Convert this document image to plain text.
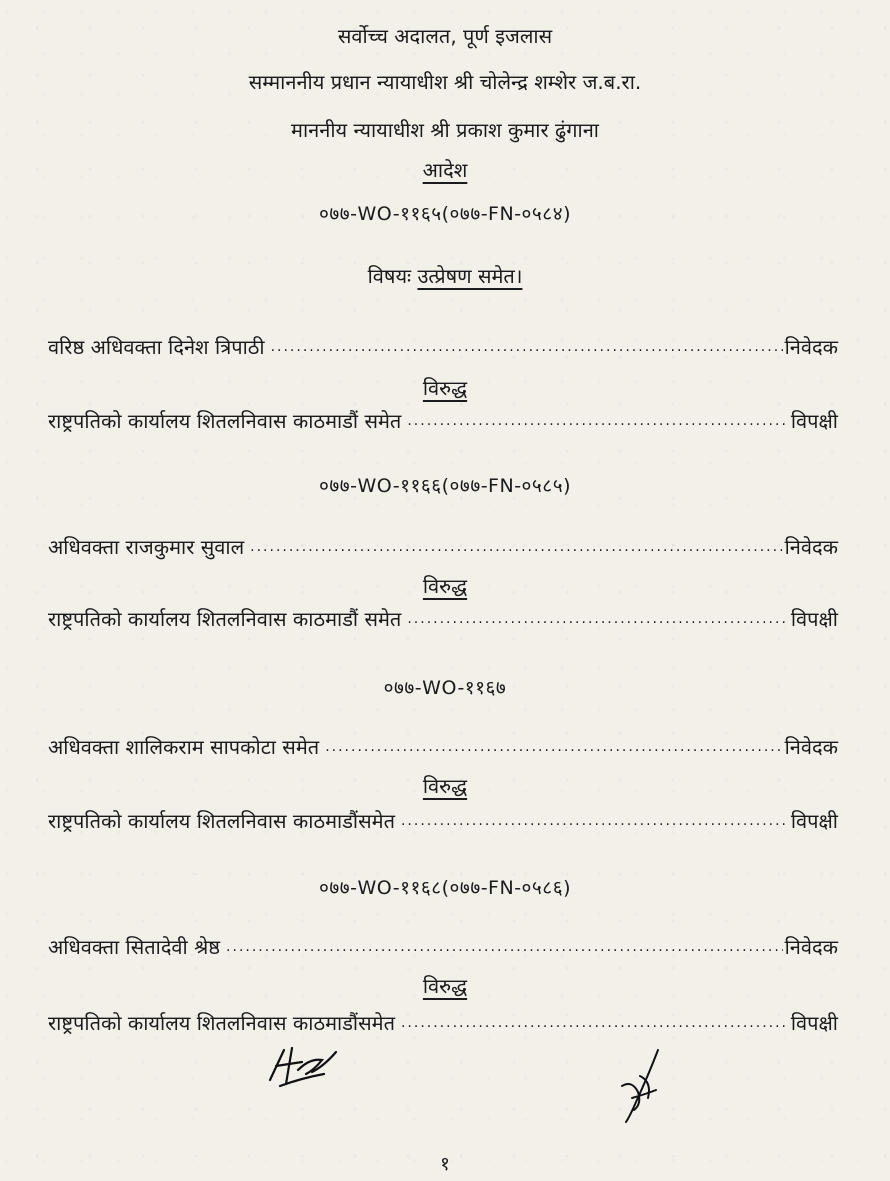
सर्वोच्च अदालत, पूर्ण इजलास
सम्माननीय प्रधान न्यायाधीश श्री चोलेन्द्र शम्शेर ज.ब.रा.
माननीय न्यायाधीश श्री प्रकाश कुमार ढुंगाना
आदेश
०७७-WO-११६५(०७७-FN-०५८४)
विषयः उत्प्रेषण समेत।
वरिष्ठ अधिवक्ता दिनेश त्रिपाठी .....	निवेदक
विरुद्ध
राष्ट्रपतिको कार्यालय शितलनिवास काठमाडौं समेत .....	विपक्षी
०७७-WO-११६६(०७७-FN-०५८५)
अधिवक्ता राजकुमार सुवाल .....	निवेदक
विरुद्ध
राष्ट्रपतिको कार्यालय शितलनिवास काठमाडौं समेत .....	विपक्षी
०७७-WO-११६७
अधिवक्ता शालिकराम सापकोटा समेत .....	निवेदक
विरुद्ध
राष्ट्रपतिको कार्यालय शितलनिवास काठमाडौंसमेत .....	विपक्षी
०७७-WO-११६८(०७७-FN-०५८६)
अधिवक्ता सितादेवी श्रेष्ठ .....	निवेदक
विरुद्ध
राष्ट्रपतिको कार्यालय शितलनिवास काठमाडौंसमेत .....	विपक्षी
१
